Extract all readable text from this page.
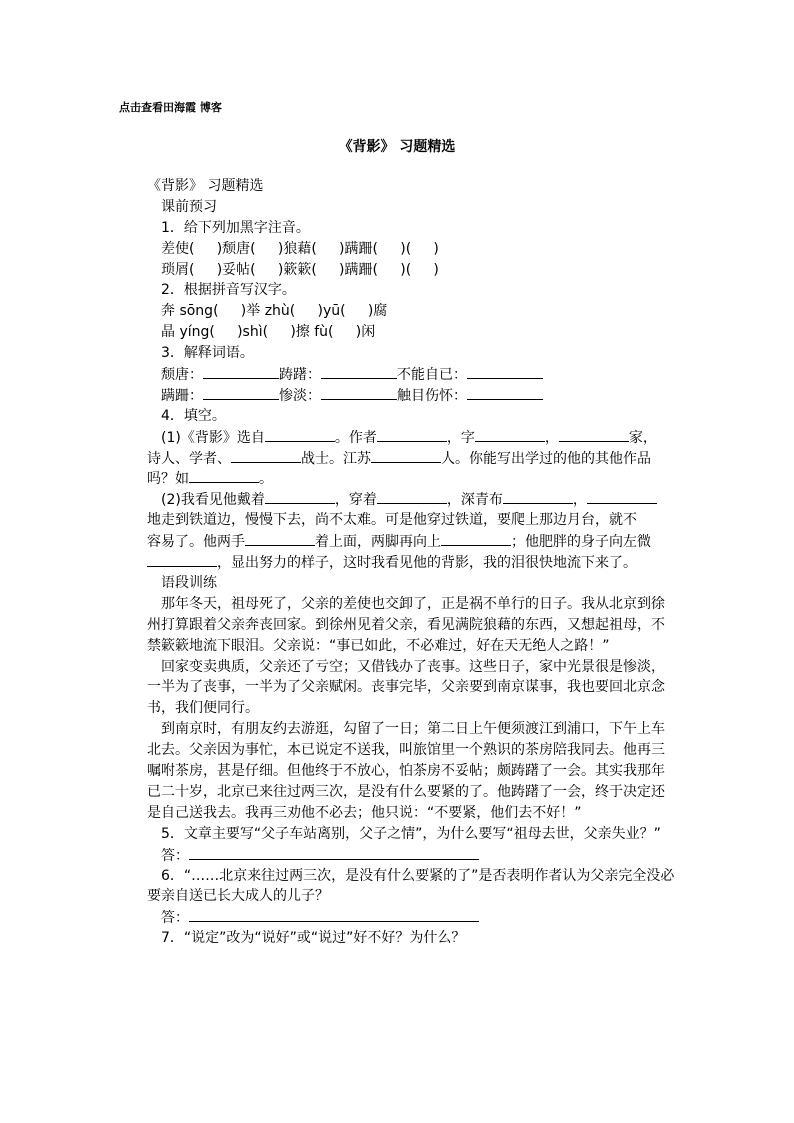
点击查看田海霞 博客
《背影》 习题精选
《背影》 习题精选
课前预习
1．给下列加黑字注音。
差使(     )颓唐(     )狼藉(     )蹒跚(     )(     )
琐屑(     )妥帖(     )簌簌(     )蹒跚(     )(     )
2．根据拼音写汉字。
奔 sōng(     )举 zhù(     )yū(     )腐
晶 yíng(     )shì(     )擦 fù(     )闲
3．解释词语。
颓唐：	踌躇：	不能自已：
蹒跚：	惨淡：	触目伤怀：
4．填空。
(1)《背影》选自	。作者	，字	，	家，
诗人、学者、	战士。江苏	人。你能写出学过的他的其他作品
吗？如	。
(2)我看见他戴着	，穿着	，深青布	，
地走到铁道边，慢慢下去，尚不太难。可是他穿过铁道，要爬上那边月台，就不
容易了。他两手	着上面，两脚再向上	；他肥胖的身子向左微
，显出努力的样子，这时我看见他的背影，我的泪很快地流下来了。
语段训练
那年冬天，祖母死了，父亲的差使也交卸了，正是祸不单行的日子。我从北京到徐州打算跟着父亲奔丧回家。到徐州见着父亲，看见满院狼藉的东西，又想起祖母，不禁簌簌地流下眼泪。父亲说：“事已如此，不必难过，好在天无绝人之路！”
回家变卖典质，父亲还了亏空；又借钱办了丧事。这些日子，家中光景很是惨淡，一半为了丧事，一半为了父亲赋闲。丧事完毕，父亲要到南京谋事，我也要回北京念书，我们便同行。
到南京时，有朋友约去游逛，勾留了一日；第二日上午便须渡江到浦口，下午上车北去。父亲因为事忙，本已说定不送我，叫旅馆里一个熟识的茶房陪我同去。他再三嘱咐茶房，甚是仔细。但他终于不放心，怕茶房不妥帖；颇踌躇了一会。其实我那年已二十岁，北京已来往过两三次，是没有什么要紧的了。他踌躇了一会，终于决定还是自己送我去。我再三劝他不必去；他只说：“不要紧，他们去不好！”
5．文章主要写“父子车站离别，父子之情”，为什么要写“祖母去世，父亲失业？”
答：
6．“……北京来往过两三次，是没有什么要紧的了”是否表明作者认为父亲完全没必要亲自送已长大成人的儿子？
答：
7．“说定”改为“说好”或“说过”好不好？为什么？
